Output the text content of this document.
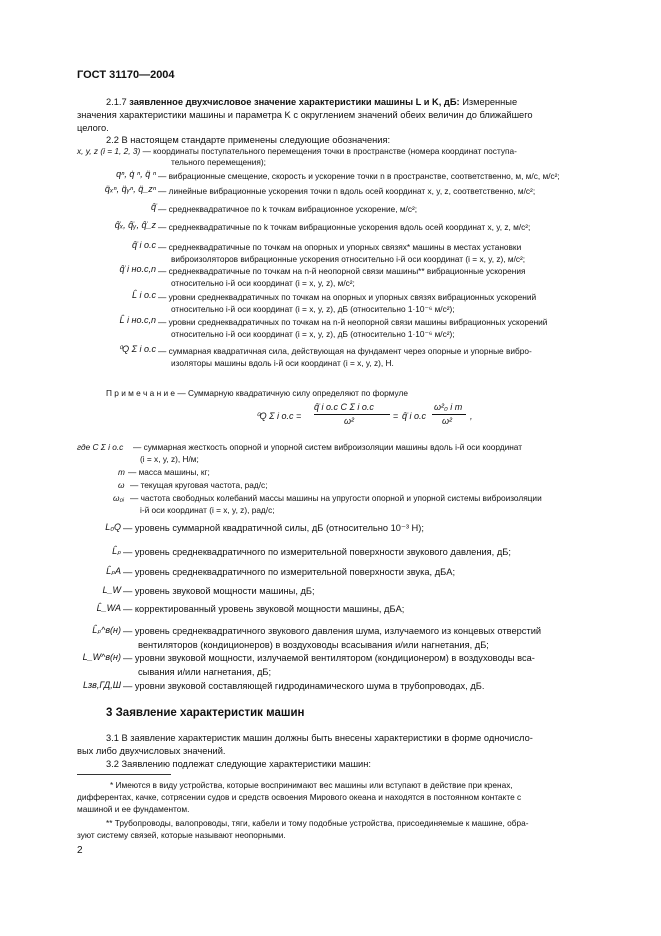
ГОСТ 31170—2004
2.1.7 заявленное двухчисловое значение характеристики машины L и K, дБ: Измеренные
значения характеристики машины и параметра K с округлением значений обеих величин до ближайшего
целого.
2.2 В настоящем стандарте применены следующие обозначения:
x, y, z (i = 1, 2, 3) — координаты поступательного перемещения точки в пространстве (номера координат поступа-
тельного перемещения);
qⁿ, q̇ ⁿ, q̈ ⁿ — вибрационные смещение, скорость и ускорение точки n в пространстве, соответственно, м, м/с, м/с²;
q̈ₓⁿ, q̈ᵧⁿ, q̈_zⁿ — линейные вибрационные ускорения точки n вдоль осей координат x, y, z, соответственно, м/с²;
q̂̈ — среднеквадратичное по k точкам вибрационное ускорение, м/с²;
q̂̈ₓ, q̂̈ᵧ, q̂̈_z — среднеквадратичные по k точкам вибрационные ускорения вдоль осей координат x, y, z, м/с²;
q̂̈ i о.с — среднеквадратичные по точкам на опорных и упорных связях* машины в местах установки
виброизоляторов вибрационные ускорения относительно i-й оси координат (i = x, y, z), м/с²;
q̂̈ i но.с,n — среднеквадратичные по точкам на n-й неопорной связи машины** вибрационные ускорения
относительно i-й оси координат (i = x, y, z), м/с²;
L̂ i о.с — уровни среднеквадратичных по точкам на опорных и упорных связях вибрационных ускорений
относительно i-й оси координат (i = x, y, z), дБ (относительно 1·10⁻⁶ м/с²);
L̂ i но.с,n — уровни среднеквадратичных по точкам на n-й неопорной связи машины вибрационных ускорений
относительно i-й оси координат (i = x, y, z), дБ (относительно 1·10⁻⁶ м/с²);
⁰Q Σ i о.с — суммарная квадратичная сила, действующая на фундамент через опорные и упорные вибро-
изоляторы машины вдоль i-й оси координат (i = x, y, z), Н.
П р и м е ч а н и е — Суммарную квадратичную силу определяют по формуле
⁰Q Σ i о.с =
q̂̈ i о.с C Σ i о.с
ω²	= q̂̈ i о.с
ω²₀ i m
ω² ,
где C Σ i о.с — суммарная жесткость опорной и упорной систем виброизоляции машины вдоль i-й оси координат
(i = x, y, z), Н/м;
m — масса машины, кг;
ω — текущая круговая частота, рад/с;
ω₀ᵢ — частота свободных колебаний массы машины на упругости опорной и упорной системы виброизоляции
i-й оси координат (i = x, y, z), рад/с;
L₀Q — уровень суммарной квадратичной силы, дБ (относительно 10⁻³ Н);
L̂ₚ — уровень среднеквадратичного по измерительной поверхности звукового давления, дБ;
L̂ₚA — уровень среднеквадратичного по измерительной поверхности звука, дБA;
L_W — уровень звуковой мощности машины, дБ;
L̂_WA — корректированный уровень звуковой мощности машины, дБA;
L̂ₚ^в(н) — уровень среднеквадратичного звукового давления шума, излучаемого из концевых отверстий
вентиляторов (кондиционеров) в воздуховоды всасывания и/или нагнетания, дБ;
L_W^в(н) — уровни звуковой мощности, излучаемой вентилятором (кондиционером) в воздуховоды вса-
сывания и/или нагнетания, дБ;
Lзв,ГД,Ш — уровни звуковой составляющей гидродинамического шума в трубопроводах, дБ.
3 Заявление характеристик машин
3.1 В заявление характеристик машин должны быть внесены характеристики в форме одночисло-
вых либо двухчисловых значений.
3.2 Заявлению подлежат следующие характеристики машин:
* Имеются в виду устройства, которые воспринимают вес машины или вступают в действие при кренах,
дифферентах, качке, сотрясении судов и средств освоения Мирового океана и находятся в постоянном контакте с
машиной и ее фундаментом.
** Трубопроводы, валопроводы, тяги, кабели и тому подобные устройства, присоединяемые к машине, обра-
зуют систему связей, которые называют неопорными.
2
